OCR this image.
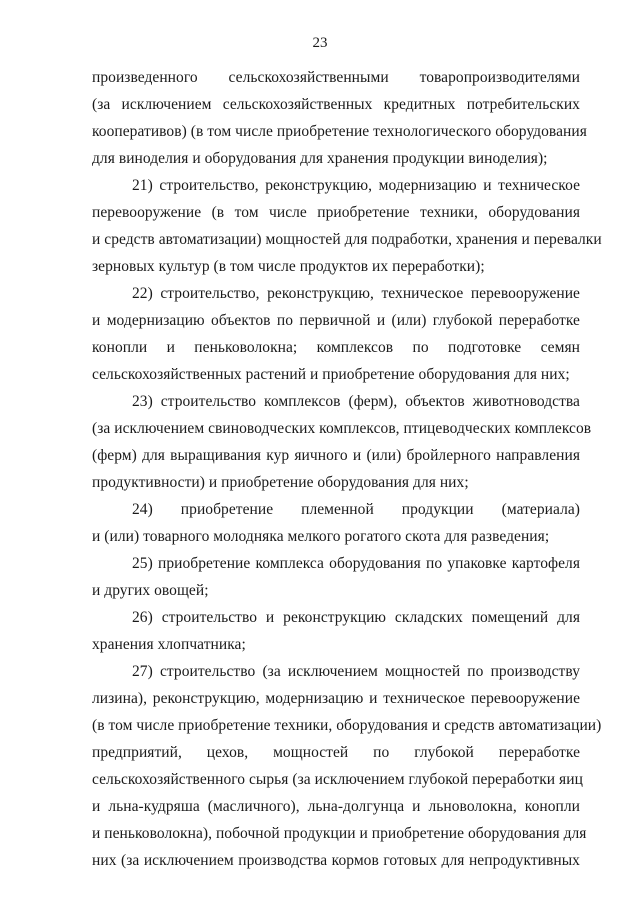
23
произведенного сельскохозяйственными товаропроизводителями
(за исключением сельскохозяйственных кредитных потребительских
кооперативов) (в том числе приобретение технологического оборудования
для виноделия и оборудования для хранения продукции виноделия);
21) строительство, реконструкцию, модернизацию и техническое
перевооружение (в том числе приобретение техники, оборудования
и средств автоматизации) мощностей для подработки, хранения и перевалки
зерновых культур (в том числе продуктов их переработки);
22) строительство, реконструкцию, техническое перевооружение
и модернизацию объектов по первичной и (или) глубокой переработке
конопли и пеньковолокна; комплексов по подготовке семян
сельскохозяйственных растений и приобретение оборудования для них;
23) строительство комплексов (ферм), объектов животноводства
(за исключением свиноводческих комплексов, птицеводческих комплексов
(ферм) для выращивания кур яичного и (или) бройлерного направления
продуктивности) и приобретение оборудования для них;
24) приобретение племенной продукции (материала)
и (или) товарного молодняка мелкого рогатого скота для разведения;
25) приобретение комплекса оборудования по упаковке картофеля
и других овощей;
26) строительство и реконструкцию складских помещений для
хранения хлопчатника;
27) строительство (за исключением мощностей по производству
лизина), реконструкцию, модернизацию и техническое перевооружение
(в том числе приобретение техники, оборудования и средств автоматизации)
предприятий, цехов, мощностей по глубокой переработке
сельскохозяйственного сырья (за исключением глубокой переработки яиц
и льна-кудряша (масличного), льна-долгунца и льноволокна, конопли
и пеньковолокна), побочной продукции и приобретение оборудования для
них (за исключением производства кормов готовых для непродуктивных
